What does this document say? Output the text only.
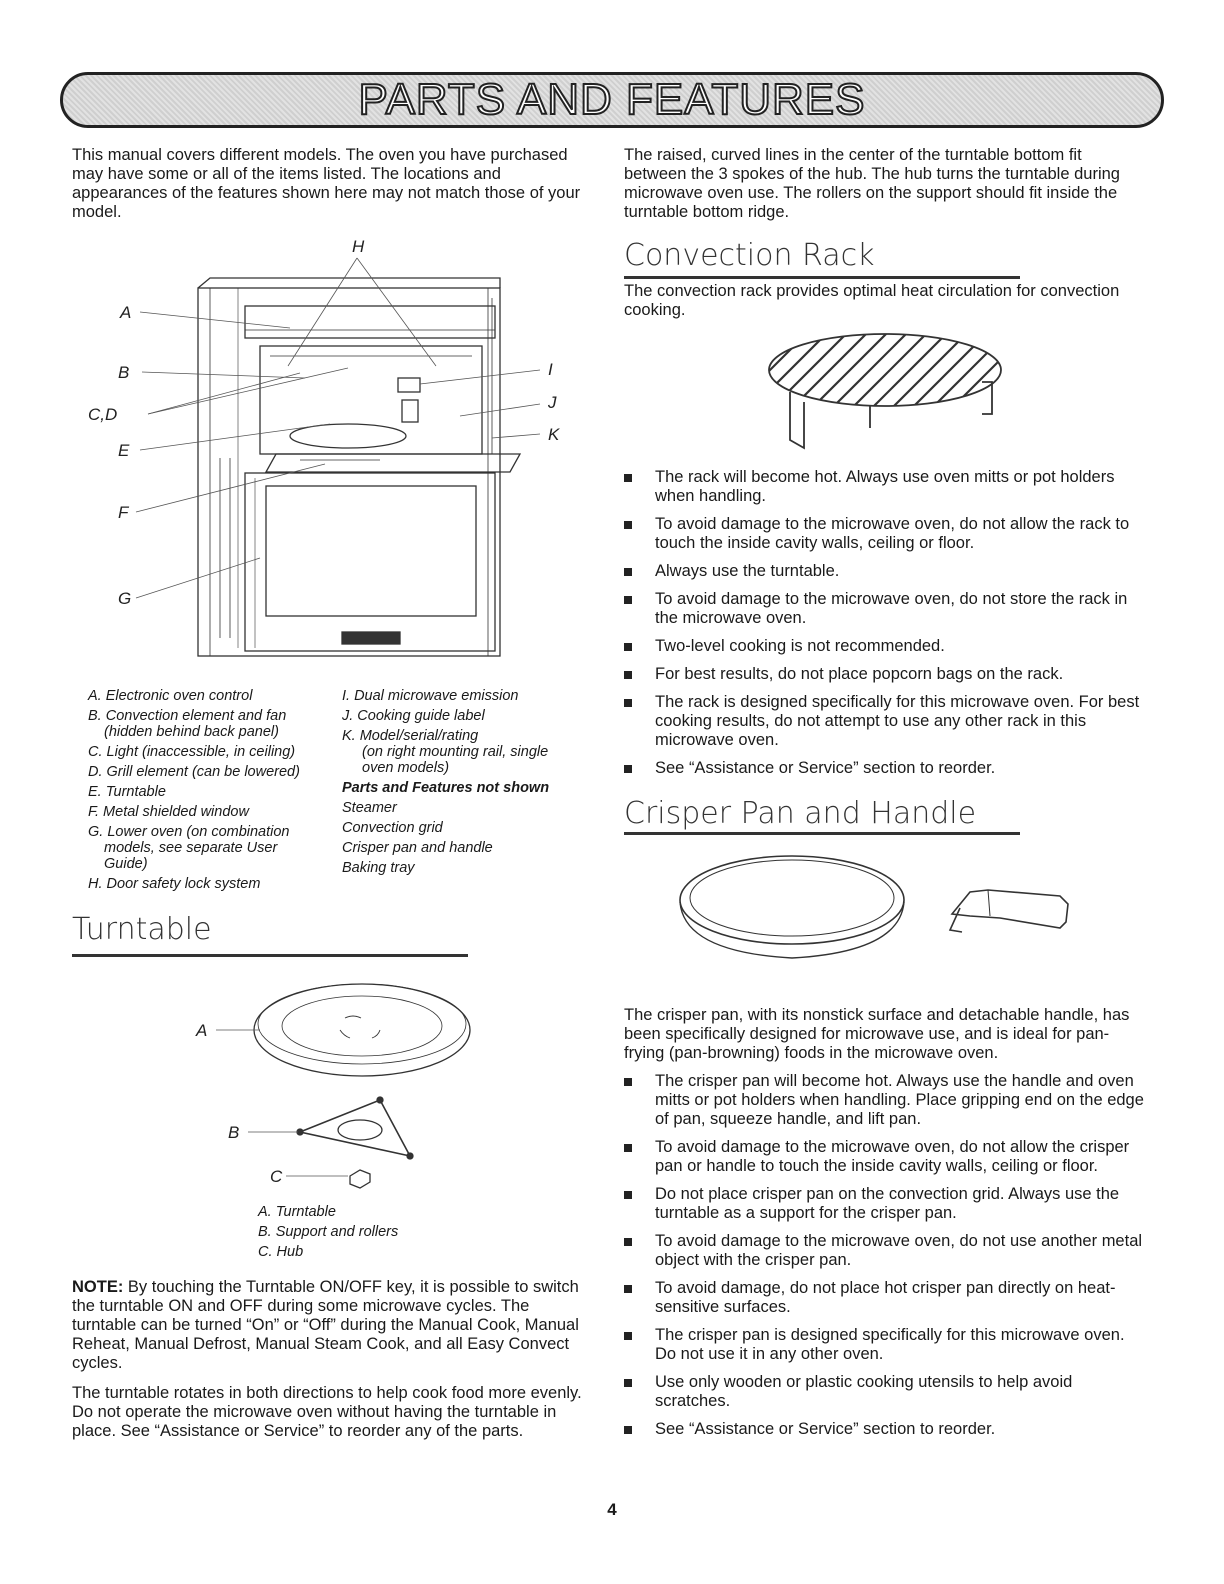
PARTS AND FEATURES
This manual covers different models. The oven you have purchased may have some or all of the items listed. The locations and appearances of the features shown here may not match those of your model.
A
B
C,D
E
F
G
H
I
J
K
A. Electronic oven control
B. Convection element and fan
(hidden behind back panel)
C. Light (inaccessible, in ceiling)
D. Grill element (can be lowered)
E. Turntable
F. Metal shielded window
G. Lower oven (on combination
models, see separate User
Guide)
H. Door safety lock system
I. Dual microwave emission
J. Cooking guide label
K. Model/serial/rating
(on right mounting rail, single
oven models)
Parts and Features not shown
Steamer
Convection grid
Crisper pan and handle
Baking tray
Turntable
A
B
C
A. Turntable
B. Support and rollers
C. Hub
NOTE: By touching the Turntable ON/OFF key, it is possible to switch the turntable ON and OFF during some microwave cycles. The turntable can be turned “On” or “Off” during the Manual Cook, Manual Reheat, Manual Defrost, Manual Steam Cook, and all Easy Convect cycles.
The turntable rotates in both directions to help cook food more evenly. Do not operate the microwave oven without having the turntable in place. See “Assistance or Service” to reorder any of the parts.
The raised, curved lines in the center of the turntable bottom fit between the 3 spokes of the hub. The hub turns the turntable during microwave oven use. The rollers on the support should fit inside the turntable bottom ridge.
Convection Rack
The convection rack provides optimal heat circulation for convection cooking.
The rack will become hot. Always use oven mitts or pot holders when handling.
To avoid damage to the microwave oven, do not allow the rack to touch the inside cavity walls, ceiling or floor.
Always use the turntable.
To avoid damage to the microwave oven, do not store the rack in the microwave oven.
Two-level cooking is not recommended.
For best results, do not place popcorn bags on the rack.
The rack is designed specifically for this microwave oven. For best cooking results, do not attempt to use any other rack in this microwave oven.
See “Assistance or Service” section to reorder.
Crisper Pan and Handle
The crisper pan, with its nonstick surface and detachable handle, has been specifically designed for microwave use, and is ideal for pan-frying (pan-browning) foods in the microwave oven.
The crisper pan will become hot. Always use the handle and oven mitts or pot holders when handling. Place gripping end on the edge of pan, squeeze handle, and lift pan.
To avoid damage to the microwave oven, do not allow the crisper pan or handle to touch the inside cavity walls, ceiling or floor.
Do not place crisper pan on the convection grid. Always use the turntable as a support for the crisper pan.
To avoid damage to the microwave oven, do not use another metal object with the crisper pan.
To avoid damage, do not place hot crisper pan directly on heat-sensitive surfaces.
The crisper pan is designed specifically for this microwave oven. Do not use it in any other oven.
Use only wooden or plastic cooking utensils to help avoid scratches.
See “Assistance or Service” section to reorder.
4
